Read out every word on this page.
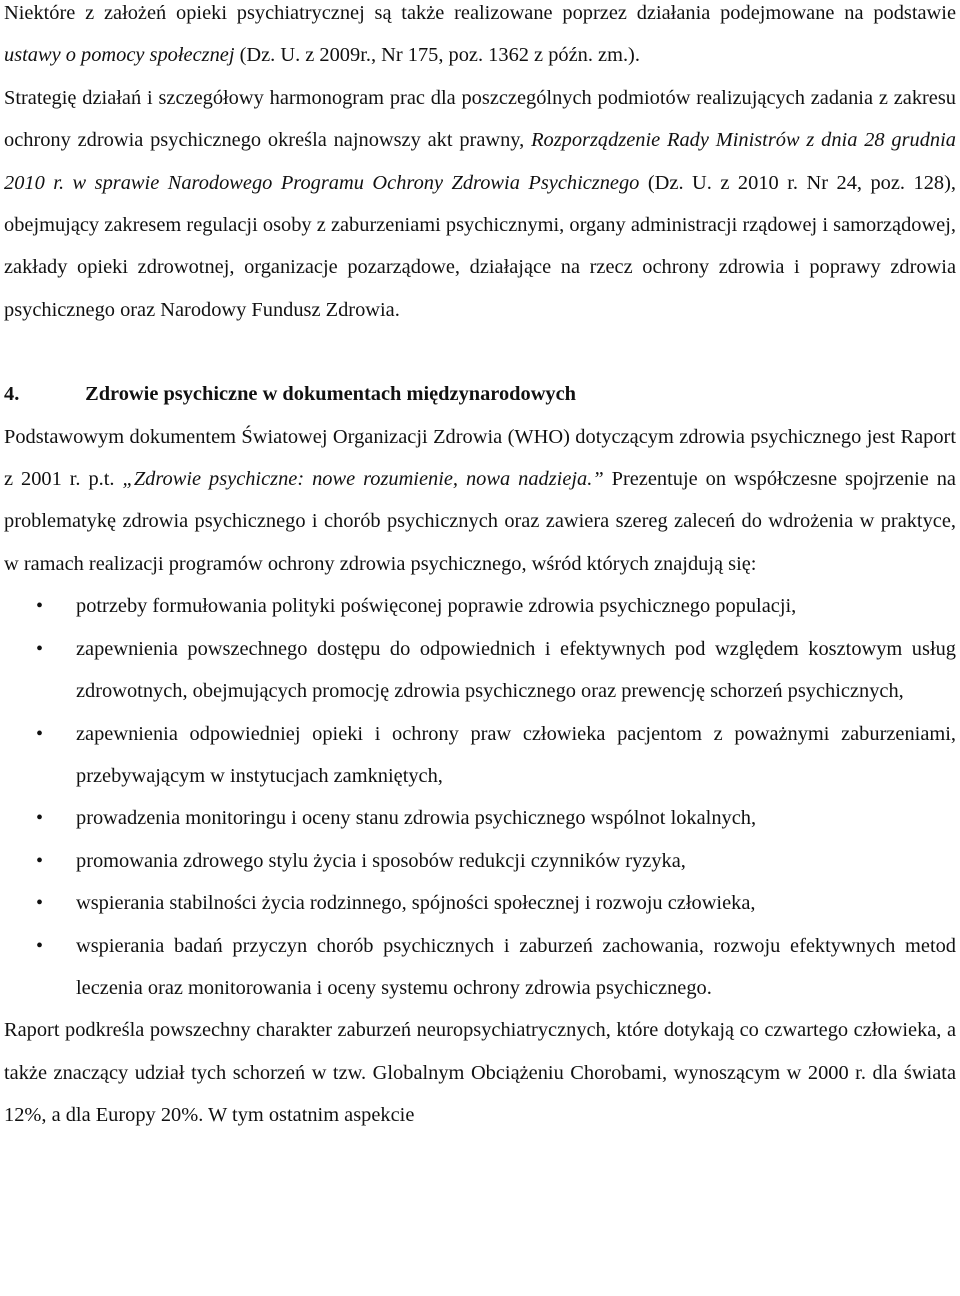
Niektóre z założeń opieki psychiatrycznej są także realizowane poprzez działania podejmowane na podstawie ustawy o pomocy społecznej (Dz. U. z 2009r., Nr 175, poz. 1362 z późn. zm.).

Strategię działań i szczegółowy harmonogram prac dla poszczególnych podmiotów realizujących zadania z zakresu ochrony zdrowia psychicznego określa najnowszy akt prawny, Rozporządzenie Rady Ministrów z dnia 28 grudnia 2010 r. w sprawie Narodowego Programu Ochrony Zdrowia Psychicznego (Dz. U. z 2010 r. Nr 24, poz. 128), obejmujący zakresem regulacji osoby z zaburzeniami psychicznymi, organy administracji rządowej i samorządowej, zakłady opieki zdrowotnej, organizacje pozarządowe, działające na rzecz ochrony zdrowia i poprawy zdrowia psychicznego oraz Narodowy Fundusz Zdrowia.

4.	Zdrowie psychiczne w dokumentach międzynarodowych

Podstawowym dokumentem Światowej Organizacji Zdrowia (WHO) dotyczącym zdrowia psychicznego jest Raport z 2001 r. p.t. „Zdrowie psychiczne: nowe rozumienie, nowa nadzieja.” Prezentuje on współczesne spojrzenie na problematykę zdrowia psychicznego i chorób psychicznych oraz zawiera szereg zaleceń do wdrożenia w praktyce, w ramach realizacji programów ochrony zdrowia psychicznego, wśród których znajdują się:

• potrzeby formułowania polityki poświęconej poprawie zdrowia psychicznego populacji,
• zapewnienia powszechnego dostępu do odpowiednich i efektywnych pod względem kosztowym usług zdrowotnych, obejmujących promocję zdrowia psychicznego oraz prewencję schorzeń psychicznych,
• zapewnienia odpowiedniej opieki i ochrony praw człowieka pacjentom z poważnymi zaburzeniami, przebywającym w instytucjach zamkniętych,
• prowadzenia monitoringu i oceny stanu zdrowia psychicznego wspólnot lokalnych,
• promowania zdrowego stylu życia i sposobów redukcji czynników ryzyka,
• wspierania stabilności życia rodzinnego, spójności społecznej i rozwoju człowieka,
• wspierania badań przyczyn chorób psychicznych i zaburzeń zachowania, rozwoju efektywnych metod leczenia oraz monitorowania i oceny systemu ochrony zdrowia psychicznego.

Raport podkreśla powszechny charakter zaburzeń neuropsychiatrycznych, które dotykają co czwartego człowieka, a także znaczący udział tych schorzeń w tzw. Globalnym Obciążeniu Chorobami, wynoszącym w 2000 r. dla świata 12%, a dla Europy 20%. W tym ostatnim aspekcie
